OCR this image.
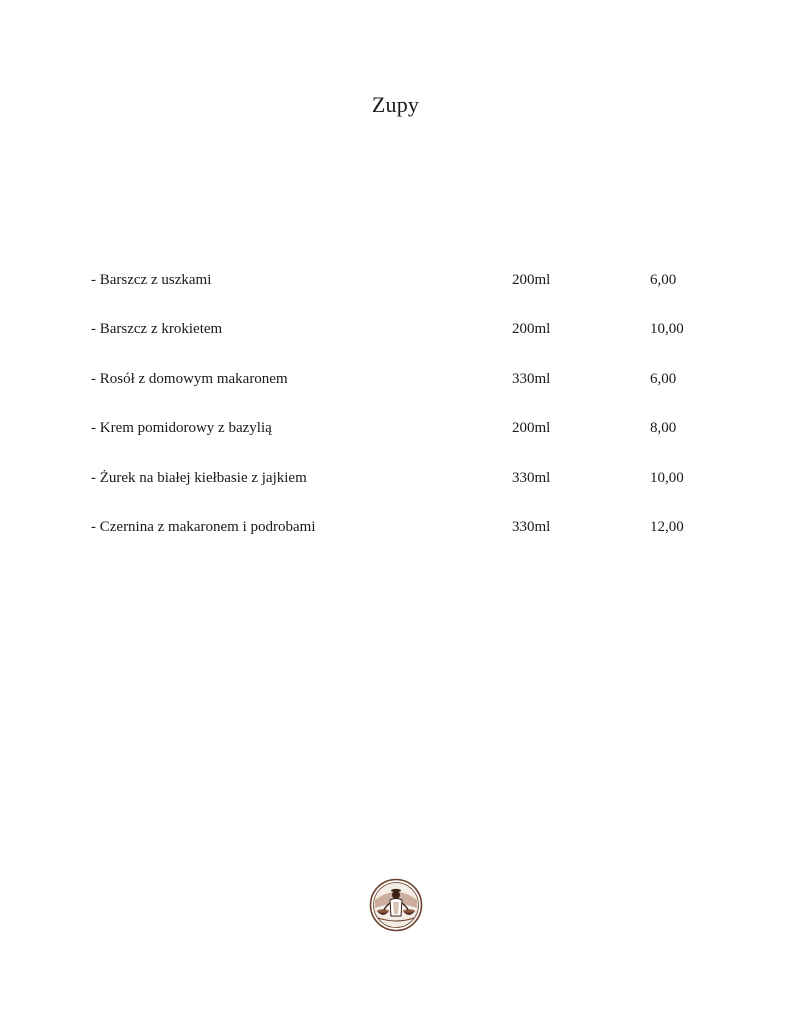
Zupy
- Barszcz z uszkami	200ml	6,00
- Barszcz z krokietem	200ml	10,00
- Rosół z domowym makaronem	330ml	6,00
- Krem pomidorowy z bazylią	200ml	8,00
- Żurek na białej kiełbasie z jajkiem	330ml	10,00
- Czernina z makaronem i podrobami	330ml	12,00
